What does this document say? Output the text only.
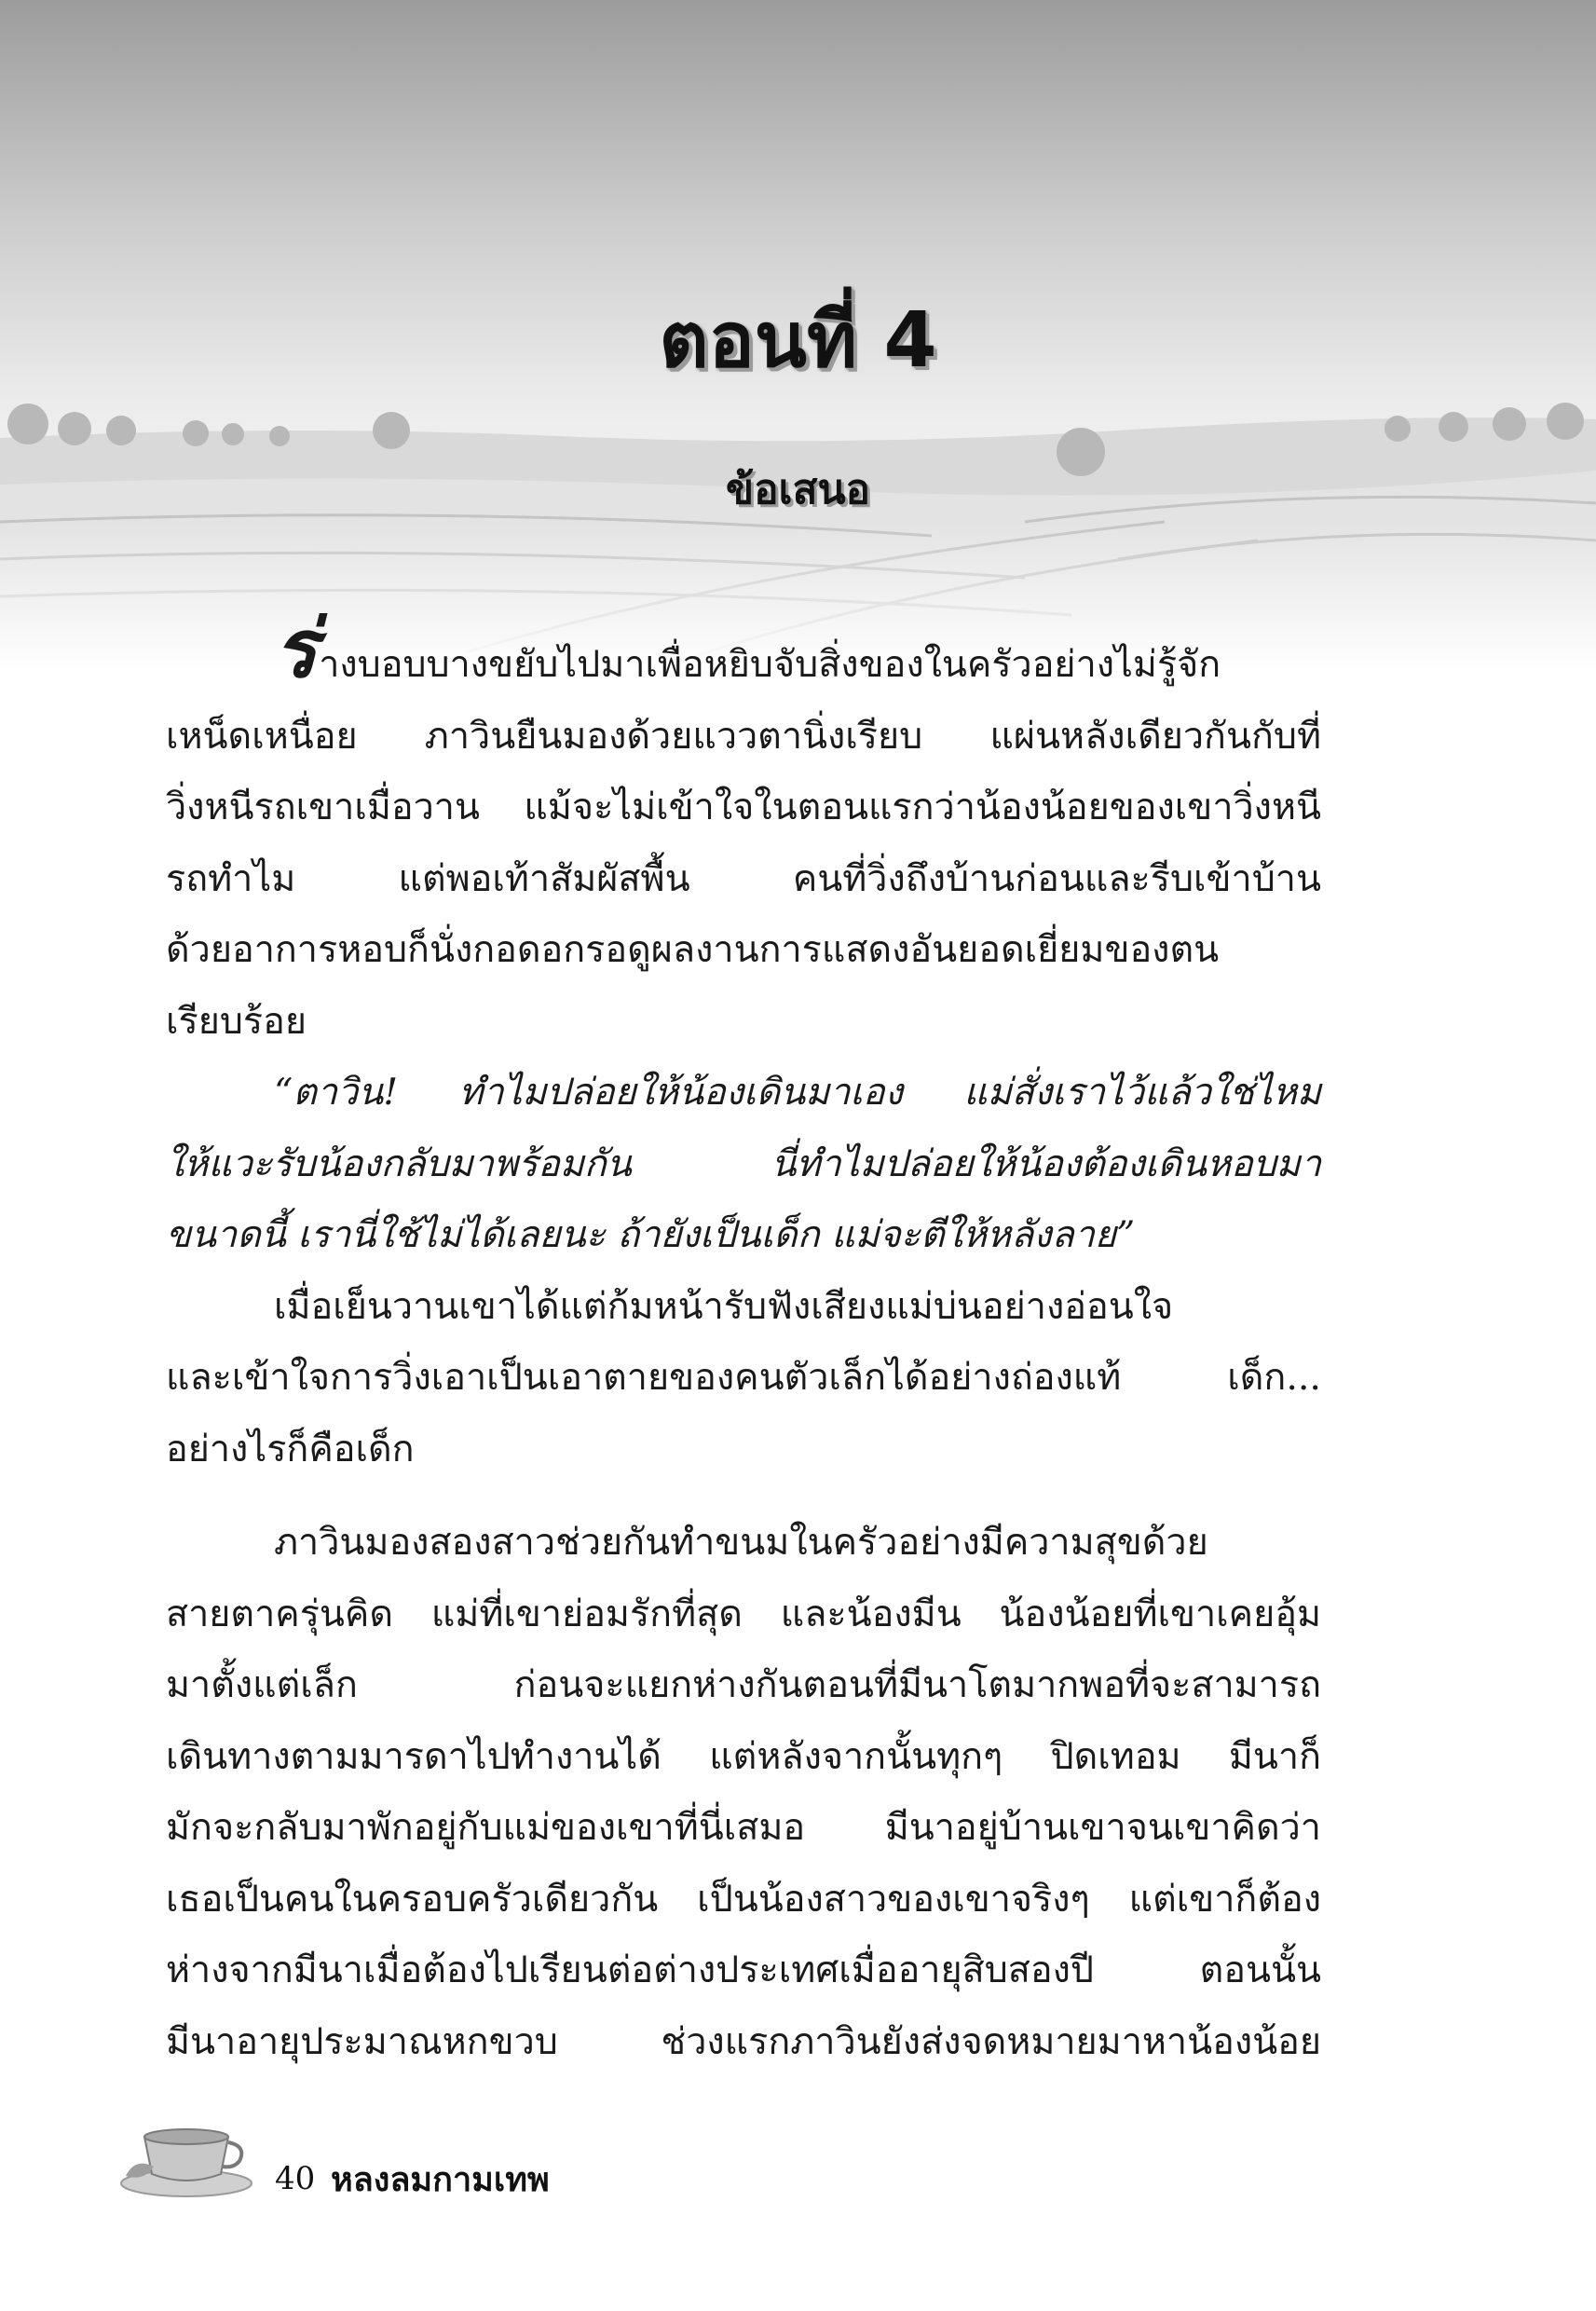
ตอนที่ 4
ข้อเสนอ
ร่างบอบบางขยับไปมาเพื่อหยิบจับสิ่งของในครัวอย่างไม่รู้จัก
เหน็ดเหนื่อย ภาวินยืนมองด้วยแววตานิ่งเรียบ แผ่นหลังเดียวกันกับที่
วิ่งหนีรถเขาเมื่อวาน แม้จะไม่เข้าใจในตอนแรกว่าน้องน้อยของเขาวิ่งหนี
รถทำไม แต่พอเท้าสัมผัสพื้น คนที่วิ่งถึงบ้านก่อนและรีบเข้าบ้าน
ด้วยอาการหอบก็นั่งกอดอกรอดูผลงานการแสดงอันยอดเยี่ยมของตน
เรียบร้อย
“ตาวิน! ทำไมปล่อยให้น้องเดินมาเอง แม่สั่งเราไว้แล้วใช่ไหม
ให้แวะรับน้องกลับมาพร้อมกัน นี่ทำไมปล่อยให้น้องต้องเดินหอบมา
ขนาดนี้ เรานี่ใช้ไม่ได้เลยนะ ถ้ายังเป็นเด็ก แม่จะตีให้หลังลาย”
เมื่อเย็นวานเขาได้แต่ก้มหน้ารับฟังเสียงแม่บ่นอย่างอ่อนใจ
และเข้าใจการวิ่งเอาเป็นเอาตายของคนตัวเล็กได้อย่างถ่องแท้ เด็ก...
อย่างไรก็คือเด็ก
ภาวินมองสองสาวช่วยกันทำขนมในครัวอย่างมีความสุขด้วย
สายตาครุ่นคิด แม่ที่เขาย่อมรักที่สุด และน้องมีน น้องน้อยที่เขาเคยอุ้ม
มาตั้งแต่เล็ก ก่อนจะแยกห่างกันตอนที่มีนาโตมากพอที่จะสามารถ
เดินทางตามมารดาไปทำงานได้ แต่หลังจากนั้นทุกๆ ปิดเทอม มีนาก็
มักจะกลับมาพักอยู่กับแม่ของเขาที่นี่เสมอ มีนาอยู่บ้านเขาจนเขาคิดว่า
เธอเป็นคนในครอบครัวเดียวกัน เป็นน้องสาวของเขาจริงๆ แต่เขาก็ต้อง
ห่างจากมีนาเมื่อต้องไปเรียนต่อต่างประเทศเมื่ออายุสิบสองปี ตอนนั้น
มีนาอายุประมาณหกขวบ ช่วงแรกภาวินยังส่งจดหมายมาหาน้องน้อย
40 หลงลมกามเทพ
